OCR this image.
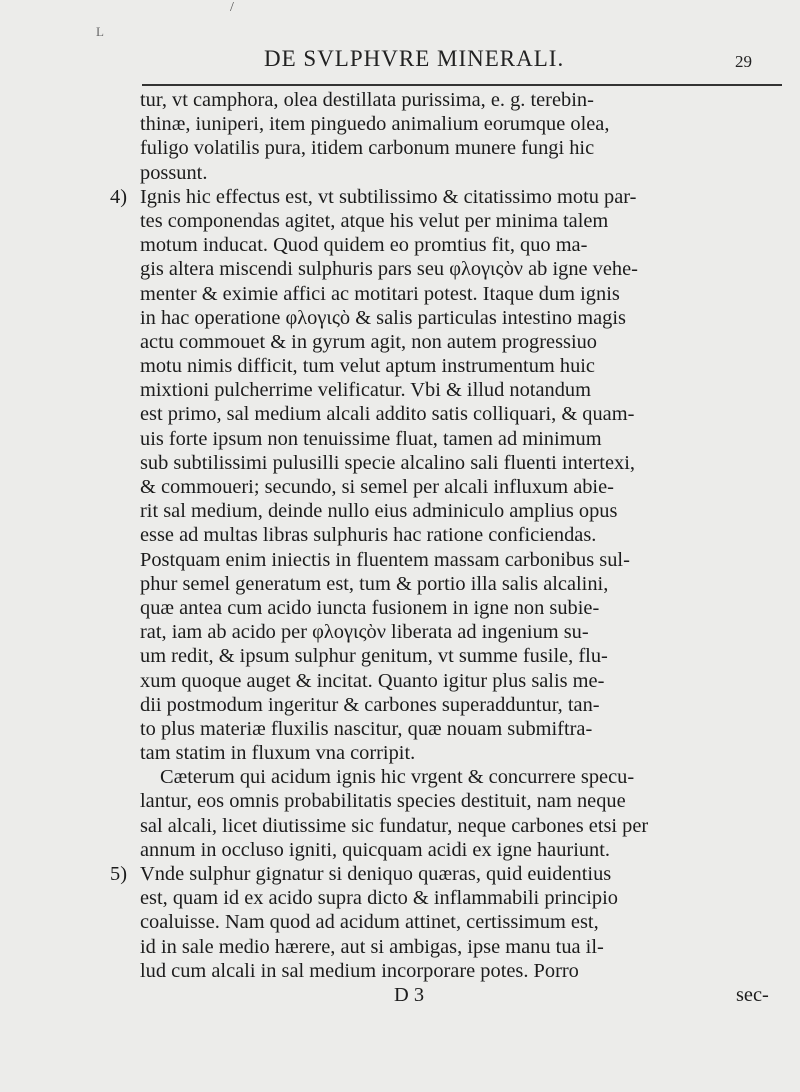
/
L
DE SVLPHVRE MINERALI.	29
tur, vt camphora, olea destillata purissima, e. g. terebin-
thinæ, iuniperi, item pinguedo animalium eorumque olea,
fuligo volatilis pura, itidem carbonum munere fungi hic
possunt.
4) Ignis hic effectus est, vt subtilissimo & citatissimo motu par-
tes componendas agitet, atque his velut per minima talem
motum inducat. Quod quidem eo promtius fit, quo ma-
gis altera miscendi sulphuris pars seu φλογιςὸν ab igne vehe-
menter & eximie affici ac motitari potest. Itaque dum ignis
in hac operatione φλογιςὸ & salis particulas intestino magis
actu commouet & in gyrum agit, non autem progressiuo
motu nimis difficit, tum velut aptum instrumentum huic
mixtioni pulcherrime velificatur. Vbi & illud notandum
est primo, sal medium alcali addito satis colliquari, & quam-
uis forte ipsum non tenuissime fluat, tamen ad minimum
sub subtilissimi pulusilli specie alcalino sali fluenti intertexi,
& commoueri; secundo, si semel per alcali influxum abie-
rit sal medium, deinde nullo eius adminiculo amplius opus
esse ad multas libras sulphuris hac ratione conficiendas.
Postquam enim iniectis in fluentem massam carbonibus sul-
phur semel generatum est, tum & portio illa salis alcalini,
quæ antea cum acido iuncta fusionem in igne non subie-
rat, iam ab acido per φλογιςὸν liberata ad ingenium su-
um redit, & ipsum sulphur genitum, vt summe fusile, flu-
xum quoque auget & incitat. Quanto igitur plus salis me-
dii postmodum ingeritur & carbones superadduntur, tan-
to plus materiæ fluxilis nascitur, quæ nouam submiftra-
tam statim in fluxum vna corripit.
Cæterum qui acidum ignis hic vrgent & concurrere specu-
lantur, eos omnis probabilitatis species destituit, nam neque
sal alcali, licet diutissime sic fundatur, neque carbones etsi per
annum in occluso igniti, quicquam acidi ex igne hauriunt.
5) Vnde sulphur gignatur si deniquo quæras, quid euidentius
est, quam id ex acido supra dicto & inflammabili principio
coaluisse. Nam quod ad acidum attinet, certissimum est,
id in sale medio hærere, aut si ambigas, ipse manu tua il-
lud cum alcali in sal medium incorporare potes. Porro
D 3	sec-
